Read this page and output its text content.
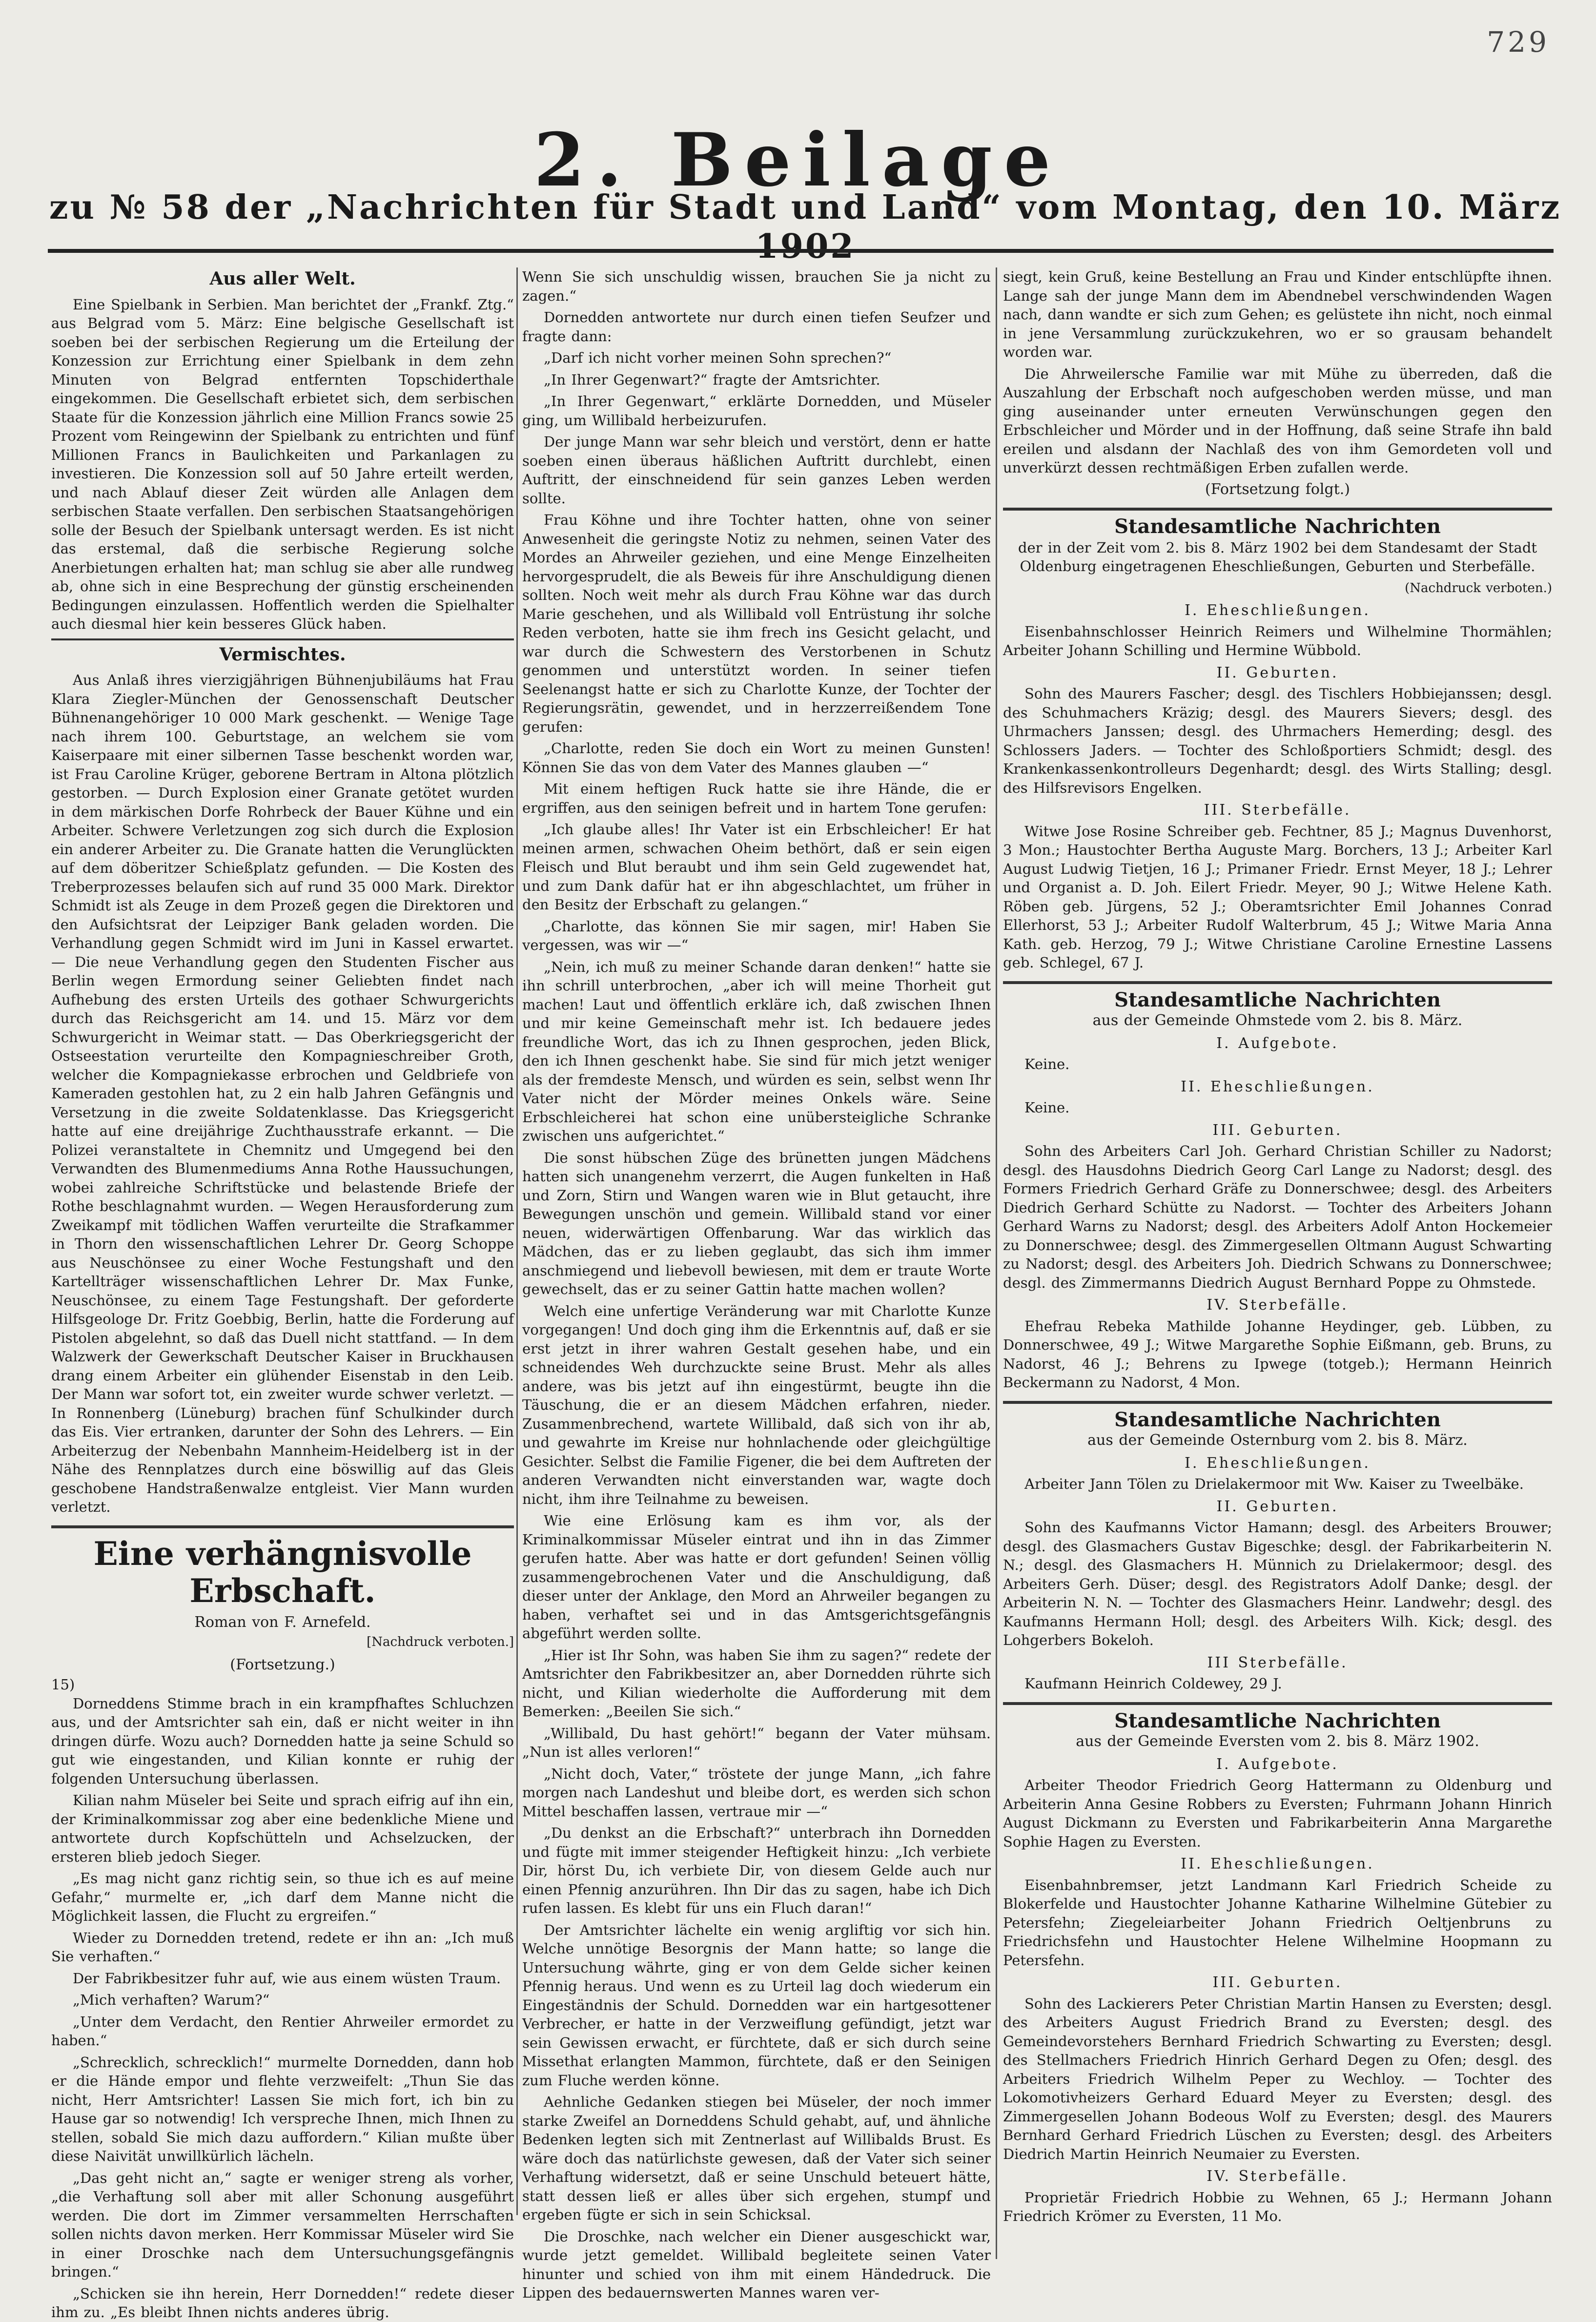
729
2. Beilage
zu № 58 der „Nachrichten für Stadt und Land“ vom Montag, den 10. März 1902
Aus aller Welt.

Eine Spielbank in Serbien. Man berichtet der „Frankf. Ztg.“ aus Belgrad vom 5. März: Eine belgische Gesellschaft ist soeben bei der serbischen Regierung um die Erteilung der Konzession zur Errichtung einer Spielbank in dem zehn Minuten von Belgrad entfernten Topschiderthale eingekommen. Die Gesellschaft erbietet sich, dem serbischen Staate für die Konzession jährlich eine Million Francs sowie 25 Prozent vom Reingewinn der Spielbank zu entrichten und fünf Millionen Francs in Baulichkeiten und Parkanlagen zu investieren. Die Konzession soll auf 50 Jahre erteilt werden, und nach Ablauf dieser Zeit würden alle Anlagen dem serbischen Staate verfallen. Den serbischen Staatsangehörigen solle der Besuch der Spielbank untersagt werden. Es ist nicht das erstemal, daß die serbische Regierung solche Anerbietungen erhalten hat; man schlug sie aber alle rundweg ab, ohne sich in eine Besprechung der günstig erscheinenden Bedingungen einzulassen. Hoffentlich werden die Spielhalter auch diesmal hier kein besseres Glück haben.

Vermischtes.

Aus Anlaß ihres vierzigjährigen Bühnenjubiläums hat Frau Klara Ziegler-München der Genossenschaft Deutscher Bühnenangehöriger 10 000 Mark geschenkt. — Wenige Tage nach ihrem 100. Geburtstage, an welchem sie vom Kaiserpaare mit einer silbernen Tasse beschenkt worden war, ist Frau Caroline Krüger, geborene Bertram in Altona plötzlich gestorben. — Durch Explosion einer Granate getötet wurden in dem märkischen Dorfe Rohrbeck der Bauer Kühne und ein Arbeiter. Schwere Verletzungen zog sich durch die Explosion ein anderer Arbeiter zu. Die Granate hatten die Verunglückten auf dem döberitzer Schießplatz gefunden. — Die Kosten des Treberprozesses belaufen sich auf rund 35 000 Mark. Direktor Schmidt ist als Zeuge in dem Prozeß gegen die Direktoren und den Aufsichtsrat der Leipziger Bank geladen worden. Die Verhandlung gegen Schmidt wird im Juni in Kassel erwartet. — Die neue Verhandlung gegen den Studenten Fischer aus Berlin wegen Ermordung seiner Geliebten findet nach Aufhebung des ersten Urteils des gothaer Schwurgerichts durch das Reichsgericht am 14. und 15. März vor dem Schwurgericht in Weimar statt. — Das Oberkriegsgericht der Ostseestation verurteilte den Kompagnieschreiber Groth, welcher die Kompagniekasse erbrochen und Geldbriefe von Kameraden gestohlen hat, zu 2 ein halb Jahren Gefängnis und Versetzung in die zweite Soldatenklasse. Das Kriegsgericht hatte auf eine dreijährige Zuchthausstrafe erkannt. — Die Polizei veranstaltete in Chemnitz und Umgegend bei den Verwandten des Blumenmediums Anna Rothe Haussuchungen, wobei zahlreiche Schriftstücke und belastende Briefe der Rothe beschlagnahmt wurden. — Wegen Herausforderung zum Zweikampf mit tödlichen Waffen verurteilte die Strafkammer in Thorn den wissenschaftlichen Lehrer Dr. Georg Schoppe aus Neuschönsee zu einer Woche Festungshaft und den Kartellträger wissenschaftlichen Lehrer Dr. Max Funke, Neuschönsee, zu einem Tage Festungshaft. Der geforderte Hilfsgeologe Dr. Fritz Goebbig, Berlin, hatte die Forderung auf Pistolen abgelehnt, so daß das Duell nicht stattfand. — In dem Walzwerk der Gewerkschaft Deutscher Kaiser in Bruckhausen drang einem Arbeiter ein glühender Eisenstab in den Leib. Der Mann war sofort tot, ein zweiter wurde schwer verletzt. — In Ronnenberg (Lüneburg) brachen fünf Schulkinder durch das Eis. Vier ertranken, darunter der Sohn des Lehrers. — Ein Arbeiterzug der Nebenbahn Mannheim-Heidelberg ist in der Nähe des Rennplatzes durch eine böswillig auf das Gleis geschobene Handstraßenwalze entgleist. Vier Mann wurden verletzt.

Eine verhängnisvolle Erbschaft.
Roman von F. Arnefeld.
[Nachdruck verboten.]
(Fortsetzung.)
15)

Dorneddens Stimme brach in ein krampfhaftes Schluchzen aus, und der Amtsrichter sah ein, daß er nicht weiter in ihn dringen dürfe. Wozu auch? Dornedden hatte ja seine Schuld so gut wie eingestanden, und Kilian konnte er ruhig der folgenden Untersuchung überlassen.

Kilian nahm Müseler bei Seite und sprach eifrig auf ihn ein, der Kriminalkommissar zog aber eine bedenkliche Miene und antwortete durch Kopfschütteln und Achselzucken, der ersteren blieb jedoch Sieger.

„Es mag nicht ganz richtig sein, so thue ich es auf meine Gefahr,“ murmelte er, „ich darf dem Manne nicht die Möglichkeit lassen, die Flucht zu ergreifen.“

Wieder zu Dornedden tretend, redete er ihn an: „Ich muß Sie verhaften.“

Der Fabrikbesitzer fuhr auf, wie aus einem wüsten Traum.

„Mich verhaften? Warum?“

„Unter dem Verdacht, den Rentier Ahrweiler ermordet zu haben.“

„Schrecklich, schrecklich!“ murmelte Dornedden, dann hob er die Hände empor und flehte verzweifelt: „Thun Sie das nicht, Herr Amtsrichter! Lassen Sie mich fort, ich bin zu Hause gar so notwendig! Ich verspreche Ihnen, mich Ihnen zu stellen, sobald Sie mich dazu auffordern.“ Kilian mußte über diese Naivität unwillkürlich lächeln.

„Das geht nicht an,“ sagte er weniger streng als vorher, „die Verhaftung soll aber mit aller Schonung ausgeführt werden. Die dort im Zimmer versammelten Herrschaften sollen nichts davon merken. Herr Kommissar Müseler wird Sie in einer Droschke nach dem Untersuchungsgefängnis bringen.“

„Schicken sie ihn herein, Herr Dornedden!“ redete dieser ihm zu. „Es bleibt Ihnen nichts anderes übrig.

Wenn Sie sich unschuldig wissen, brauchen Sie ja nicht zu zagen.“

Dornedden antwortete nur durch einen tiefen Seufzer und fragte dann:

„Darf ich nicht vorher meinen Sohn sprechen?“

„In Ihrer Gegenwart?“ fragte der Amtsrichter.

„In Ihrer Gegenwart,“ erklärte Dornedden, und Müseler ging, um Willibald herbeizurufen.

Der junge Mann war sehr bleich und verstört, denn er hatte soeben einen überaus häßlichen Auftritt durchlebt, einen Auftritt, der einschneidend für sein ganzes Leben werden sollte.

Frau Köhne und ihre Tochter hatten, ohne von seiner Anwesenheit die geringste Notiz zu nehmen, seinen Vater des Mordes an Ahrweiler geziehen, und eine Menge Einzelheiten hervorgesprudelt, die als Beweis für ihre Anschuldigung dienen sollten. Noch weit mehr als durch Frau Köhne war das durch Marie geschehen, und als Willibald voll Entrüstung ihr solche Reden verboten, hatte sie ihm frech ins Gesicht gelacht, und war durch die Schwestern des Verstorbenen in Schutz genommen und unterstützt worden. In seiner tiefen Seelenangst hatte er sich zu Charlotte Kunze, der Tochter der Regierungsrätin, gewendet, und in herzzerreißendem Tone gerufen:

„Charlotte, reden Sie doch ein Wort zu meinen Gunsten! Können Sie das von dem Vater des Mannes glauben —“

Mit einem heftigen Ruck hatte sie ihre Hände, die er ergriffen, aus den seinigen befreit und in hartem Tone gerufen:

„Ich glaube alles! Ihr Vater ist ein Erbschleicher! Er hat meinen armen, schwachen Oheim bethört, daß er sein eigen Fleisch und Blut beraubt und ihm sein Geld zugewendet hat, und zum Dank dafür hat er ihn abgeschlachtet, um früher in den Besitz der Erbschaft zu gelangen.“

„Charlotte, das können Sie mir sagen, mir! Haben Sie vergessen, was wir —“

„Nein, ich muß zu meiner Schande daran denken!“ hatte sie ihn schrill unterbrochen, „aber ich will meine Thorheit gut machen! Laut und öffentlich erkläre ich, daß zwischen Ihnen und mir keine Gemeinschaft mehr ist. Ich bedauere jedes freundliche Wort, das ich zu Ihnen gesprochen, jeden Blick, den ich Ihnen geschenkt habe. Sie sind für mich jetzt weniger als der fremdeste Mensch, und würden es sein, selbst wenn Ihr Vater nicht der Mörder meines Onkels wäre. Seine Erbschleicherei hat schon eine unübersteigliche Schranke zwischen uns aufgerichtet.“

Die sonst hübschen Züge des brünetten jungen Mädchens hatten sich unangenehm verzerrt, die Augen funkelten in Haß und Zorn, Stirn und Wangen waren wie in Blut getaucht, ihre Bewegungen unschön und gemein. Willibald stand vor einer neuen, widerwärtigen Offenbarung. War das wirklich das Mädchen, das er zu lieben geglaubt, das sich ihm immer anschmiegend und liebevoll bewiesen, mit dem er traute Worte gewechselt, das er zu seiner Gattin hatte machen wollen?

Welch eine unfertige Veränderung war mit Charlotte Kunze vorgegangen! Und doch ging ihm die Erkenntnis auf, daß er sie erst jetzt in ihrer wahren Gestalt gesehen habe, und ein schneidendes Weh durchzuckte seine Brust. Mehr als alles andere, was bis jetzt auf ihn eingestürmt, beugte ihn die Täuschung, die er an diesem Mädchen erfahren, nieder. Zusammenbrechend, wartete Willibald, daß sich von ihr ab, und gewahrte im Kreise nur hohnlachende oder gleichgültige Gesichter. Selbst die Familie Figener, die bei dem Auftreten der anderen Verwandten nicht einverstanden war, wagte doch nicht, ihm ihre Teilnahme zu beweisen.

Wie eine Erlösung kam es ihm vor, als der Kriminalkommissar Müseler eintrat und ihn in das Zimmer gerufen hatte. Aber was hatte er dort gefunden! Seinen völlig zusammengebrochenen Vater und die Anschuldigung, daß dieser unter der Anklage, den Mord an Ahrweiler begangen zu haben, verhaftet sei und in das Amtsgerichtsgefängnis abgeführt werden sollte.

„Hier ist Ihr Sohn, was haben Sie ihm zu sagen?“ redete der Amtsrichter den Fabrikbesitzer an, aber Dornedden rührte sich nicht, und Kilian wiederholte die Aufforderung mit dem Bemerken: „Beeilen Sie sich.“

„Willibald, Du hast gehört!“ begann der Vater mühsam. „Nun ist alles verloren!“

„Nicht doch, Vater,“ tröstete der junge Mann, „ich fahre morgen nach Landeshut und bleibe dort, es werden sich schon Mittel beschaffen lassen, vertraue mir —“

„Du denkst an die Erbschaft?“ unterbrach ihn Dornedden und fügte mit immer steigender Heftigkeit hinzu: „Ich verbiete Dir, hörst Du, ich verbiete Dir, von diesem Gelde auch nur einen Pfennig anzurühren. Ihn Dir das zu sagen, habe ich Dich rufen lassen. Es klebt für uns ein Fluch daran!“

Der Amtsrichter lächelte ein wenig argliftig vor sich hin. Welche unnötige Besorgnis der Mann hatte; so lange die Untersuchung währte, ging er von dem Gelde sicher keinen Pfennig heraus. Und wenn es zu Urteil lag doch wiederum ein Eingeständnis der Schuld. Dornedden war ein hartgesottener Verbrecher, er hatte in der Verzweiflung gefündigt, jetzt war sein Gewissen erwacht, er fürchtete, daß er sich durch seine Missethat erlangten Mammon, fürchtete, daß er den Seinigen zum Fluche werden könne.

Aehnliche Gedanken stiegen bei Müseler, der noch immer starke Zweifel an Dorneddens Schuld gehabt, auf, und ähnliche Bedenken legten sich mit Zentnerlast auf Willibalds Brust. Es wäre doch das natürlichste gewesen, daß der Vater sich seiner Verhaftung widersetzt, daß er seine Unschuld beteuert hätte, statt dessen ließ er alles über sich ergehen, stumpf und ergeben fügte er sich in sein Schicksal.

Die Droschke, nach welcher ein Diener ausgeschickt war, wurde jetzt gemeldet. Willibald begleitete seinen Vater hinunter und schied von ihm mit einem Händedruck. Die Lippen des bedauernswerten Mannes waren ver-

siegt, kein Gruß, keine Bestellung an Frau und Kinder entschlüpfte ihnen. Lange sah der junge Mann dem im Abendnebel verschwindenden Wagen nach, dann wandte er sich zum Gehen; es gelüstete ihn nicht, noch einmal in jene Versammlung zurückzukehren, wo er so grausam behandelt worden war.

Die Ahrweilersche Familie war mit Mühe zu überreden, daß die Auszahlung der Erbschaft noch aufgeschoben werden müsse, und man ging auseinander unter erneuten Verwünschungen gegen den Erbschleicher und Mörder und in der Hoffnung, daß seine Strafe ihn bald ereilen und alsdann der Nachlaß des von ihm Gemordeten voll und unverkürzt dessen rechtmäßigen Erben zufallen werde.

(Fortsetzung folgt.)
Standesamtliche Nachrichten

der in der Zeit vom 2. bis 8. März 1902 bei dem Standesamt der Stadt Oldenburg eingetragenen Eheschließungen, Geburten und Sterbefälle.

(Nachdruck verboten.)
I. Eheschließungen.

Eisenbahnschlosser Heinrich Reimers und Wilhelmine Thormählen; Arbeiter Johann Schilling und Hermine Wübbold.

II. Geburten.

Sohn des Maurers Fascher; desgl. des Tischlers Hobbiejanssen; desgl. des Schuhmachers Kräzig; desgl. des Maurers Sievers; desgl. des Uhrmachers Janssen; desgl. des Uhrmachers Hemerding; desgl. des Schlossers Jaders. — Tochter des Schloßportiers Schmidt; desgl. des Krankenkassenkontrolleurs Degenhardt; desgl. des Wirts Stalling; desgl. des Hilfsrevisors Engelken.

III. Sterbefälle.

Witwe Jose Rosine Schreiber geb. Fechtner, 85 J.; Magnus Duvenhorst, 3 Mon.; Haustochter Bertha Auguste Marg. Borchers, 13 J.; Arbeiter Karl August Ludwig Tietjen, 16 J.; Primaner Friedr. Ernst Meyer, 18 J.; Lehrer und Organist a. D. Joh. Eilert Friedr. Meyer, 90 J.; Witwe Helene Kath. Röben geb. Jürgens, 52 J.; Oberamtsrichter Emil Johannes Conrad Ellerhorst, 53 J.; Arbeiter Rudolf Walterbrum, 45 J.; Witwe Maria Anna Kath. geb. Herzog, 79 J.; Witwe Christiane Caroline Ernestine Lassens geb. Schlegel, 67 J.

Standesamtliche Nachrichten
aus der Gemeinde Ohmstede vom 2. bis 8. März.
I. Aufgebote.

Keine.

II. Eheschließungen.

Keine.

III. Geburten.

Sohn des Arbeiters Carl Joh. Gerhard Christian Schiller zu Nadorst; desgl. des Hausdohns Diedrich Georg Carl Lange zu Nadorst; desgl. des Formers Friedrich Gerhard Gräfe zu Donnerschwee; desgl. des Arbeiters Diedrich Gerhard Schütte zu Nadorst. — Tochter des Arbeiters Johann Gerhard Warns zu Nadorst; desgl. des Arbeiters Adolf Anton Hockemeier zu Donnerschwee; desgl. des Zimmergesellen Oltmann August Schwarting zu Nadorst; desgl. des Arbeiters Joh. Diedrich Schwans zu Donnerschwee; desgl. des Zimmermanns Diedrich August Bernhard Poppe zu Ohmstede.

IV. Sterbefälle.

Ehefrau Rebeka Mathilde Johanne Heydinger, geb. Lübben, zu Donnerschwee, 49 J.; Witwe Margarethe Sophie Eißmann, geb. Bruns, zu Nadorst, 46 J.; Behrens zu Ipwege (totgeb.); Hermann Heinrich Beckermann zu Nadorst, 4 Mon.

Standesamtliche Nachrichten
aus der Gemeinde Osternburg vom 2. bis 8. März.
I. Eheschließungen.

Arbeiter Jann Tölen zu Drielakermoor mit Ww. Kaiser zu Tweelbäke.

II. Geburten.

Sohn des Kaufmanns Victor Hamann; desgl. des Arbeiters Brouwer; desgl. des Glasmachers Gustav Bigeschke; desgl. der Fabrikarbeiterin N. N.; desgl. des Glasmachers H. Münnich zu Drielakermoor; desgl. des Arbeiters Gerh. Düser; desgl. des Registrators Adolf Danke; desgl. der Arbeiterin N. N. — Tochter des Glasmachers Heinr. Landwehr; desgl. des Kaufmanns Hermann Holl; desgl. des Arbeiters Wilh. Kick; desgl. des Lohgerbers Bokeloh.

III Sterbefälle.

Kaufmann Heinrich Coldewey, 29 J.

Standesamtliche Nachrichten
aus der Gemeinde Eversten vom 2. bis 8. März 1902.
I. Aufgebote.

Arbeiter Theodor Friedrich Georg Hattermann zu Oldenburg und Arbeiterin Anna Gesine Robbers zu Eversten; Fuhrmann Johann Hinrich August Dickmann zu Eversten und Fabrikarbeiterin Anna Margarethe Sophie Hagen zu Eversten.

II. Eheschließungen.

Eisenbahnbremser, jetzt Landmann Karl Friedrich Scheide zu Blokerfelde und Haustochter Johanne Katharine Wilhelmine Gütebier zu Petersfehn; Ziegeleiarbeiter Johann Friedrich Oeltjenbruns zu Friedrichsfehn und Haustochter Helene Wilhelmine Hoopmann zu Petersfehn.

III. Geburten.

Sohn des Lackierers Peter Christian Martin Hansen zu Eversten; desgl. des Arbeiters August Friedrich Brand zu Eversten; desgl. des Gemeindevorstehers Bernhard Friedrich Schwarting zu Eversten; desgl. des Stellmachers Friedrich Hinrich Gerhard Degen zu Ofen; desgl. des Arbeiters Friedrich Wilhelm Peper zu Wechloy. — Tochter des Lokomotivheizers Gerhard Eduard Meyer zu Eversten; desgl. des Zimmergesellen Johann Bodeous Wolf zu Eversten; desgl. des Maurers Bernhard Gerhard Friedrich Lüschen zu Eversten; desgl. des Arbeiters Diedrich Martin Heinrich Neumaier zu Eversten.

IV. Sterbefälle.

Proprietär Friedrich Hobbie zu Wehnen, 65 J.; Hermann Johann Friedrich Krömer zu Eversten, 11 Mo.
